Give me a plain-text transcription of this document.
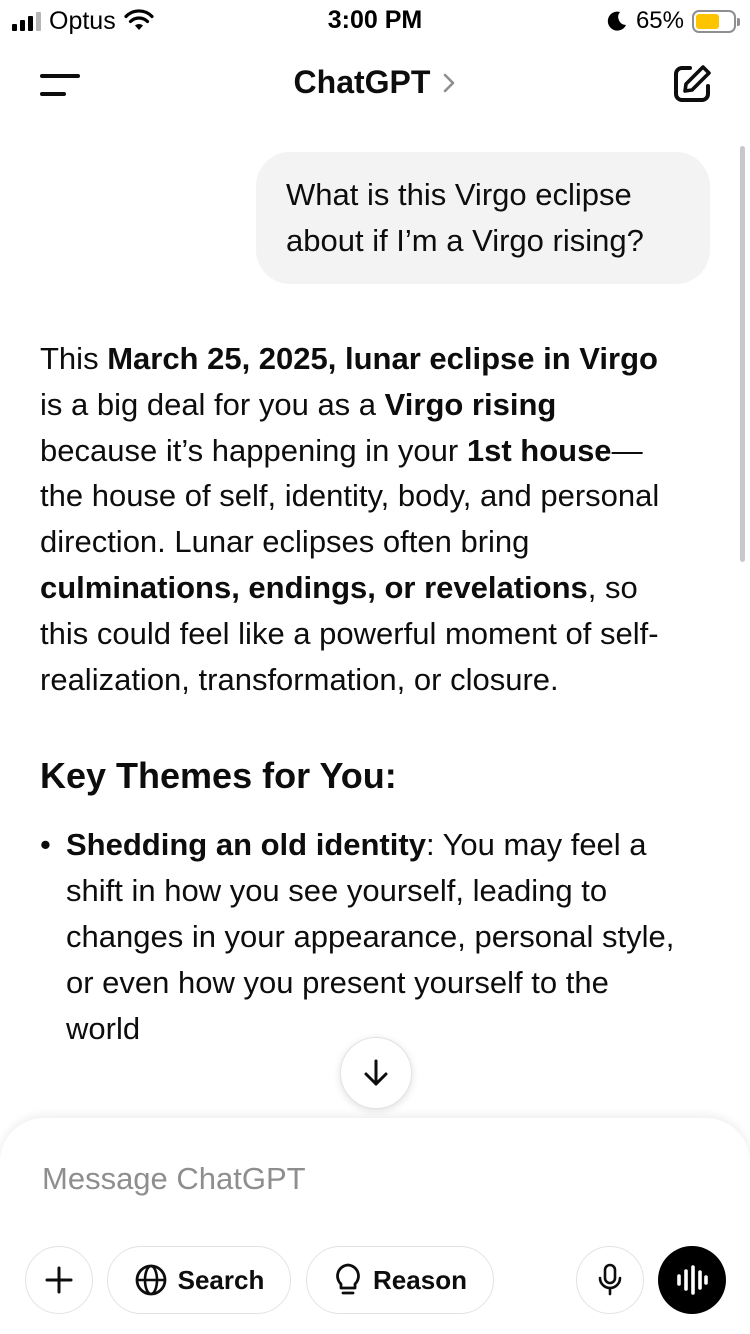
Optus	3:00 PM	65%
ChatGPT
What is this Virgo eclipse about if I’m a Virgo rising?

This March 25, 2025, lunar eclipse in Virgo is a big deal for you as a Virgo rising because it’s happening in your 1st house—the house of self, identity, body, and personal direction. Lunar eclipses often bring culminations, endings, or revelations, so this could feel like a powerful moment of self-realization, transformation, or closure.

Key Themes for You:
• Shedding an old identity: You may feel a shift in how you see yourself, leading to changes in your appearance, personal style, or even how you present yourself to the world
Message ChatGPT
Search	Reason
